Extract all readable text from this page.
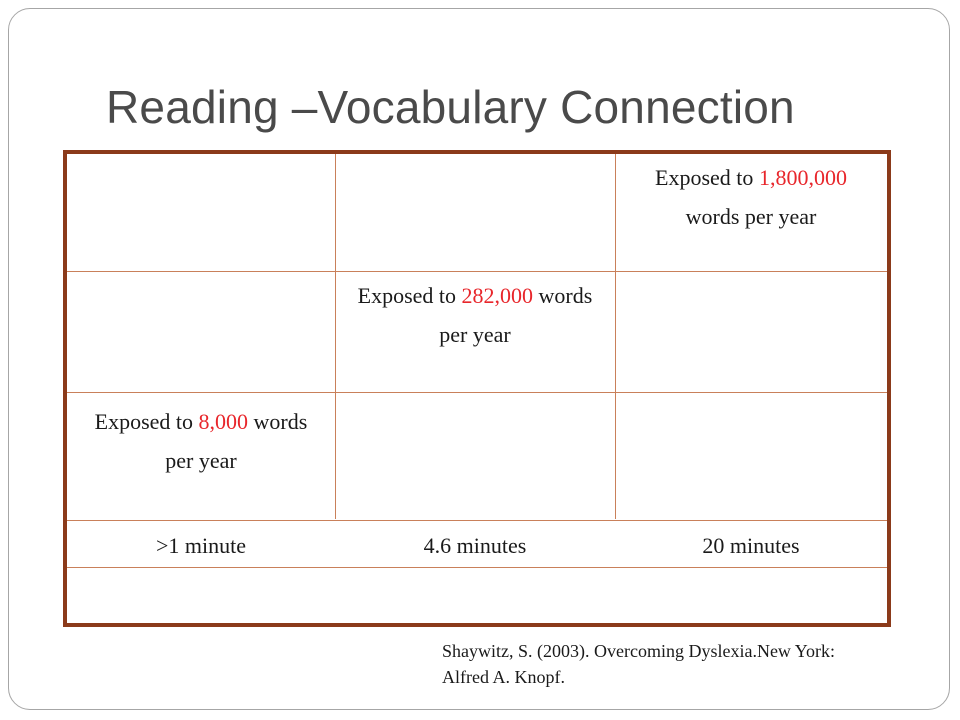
Reading –Vocabulary Connection
Exposed to 1,800,000 words per year
Exposed to 282,000 words per year
Exposed to 8,000 words per year
>1 minute	4.6 minutes	20 minutes
Shaywitz, S. (2003). Overcoming Dyslexia.New York: Alfred A. Knopf.
